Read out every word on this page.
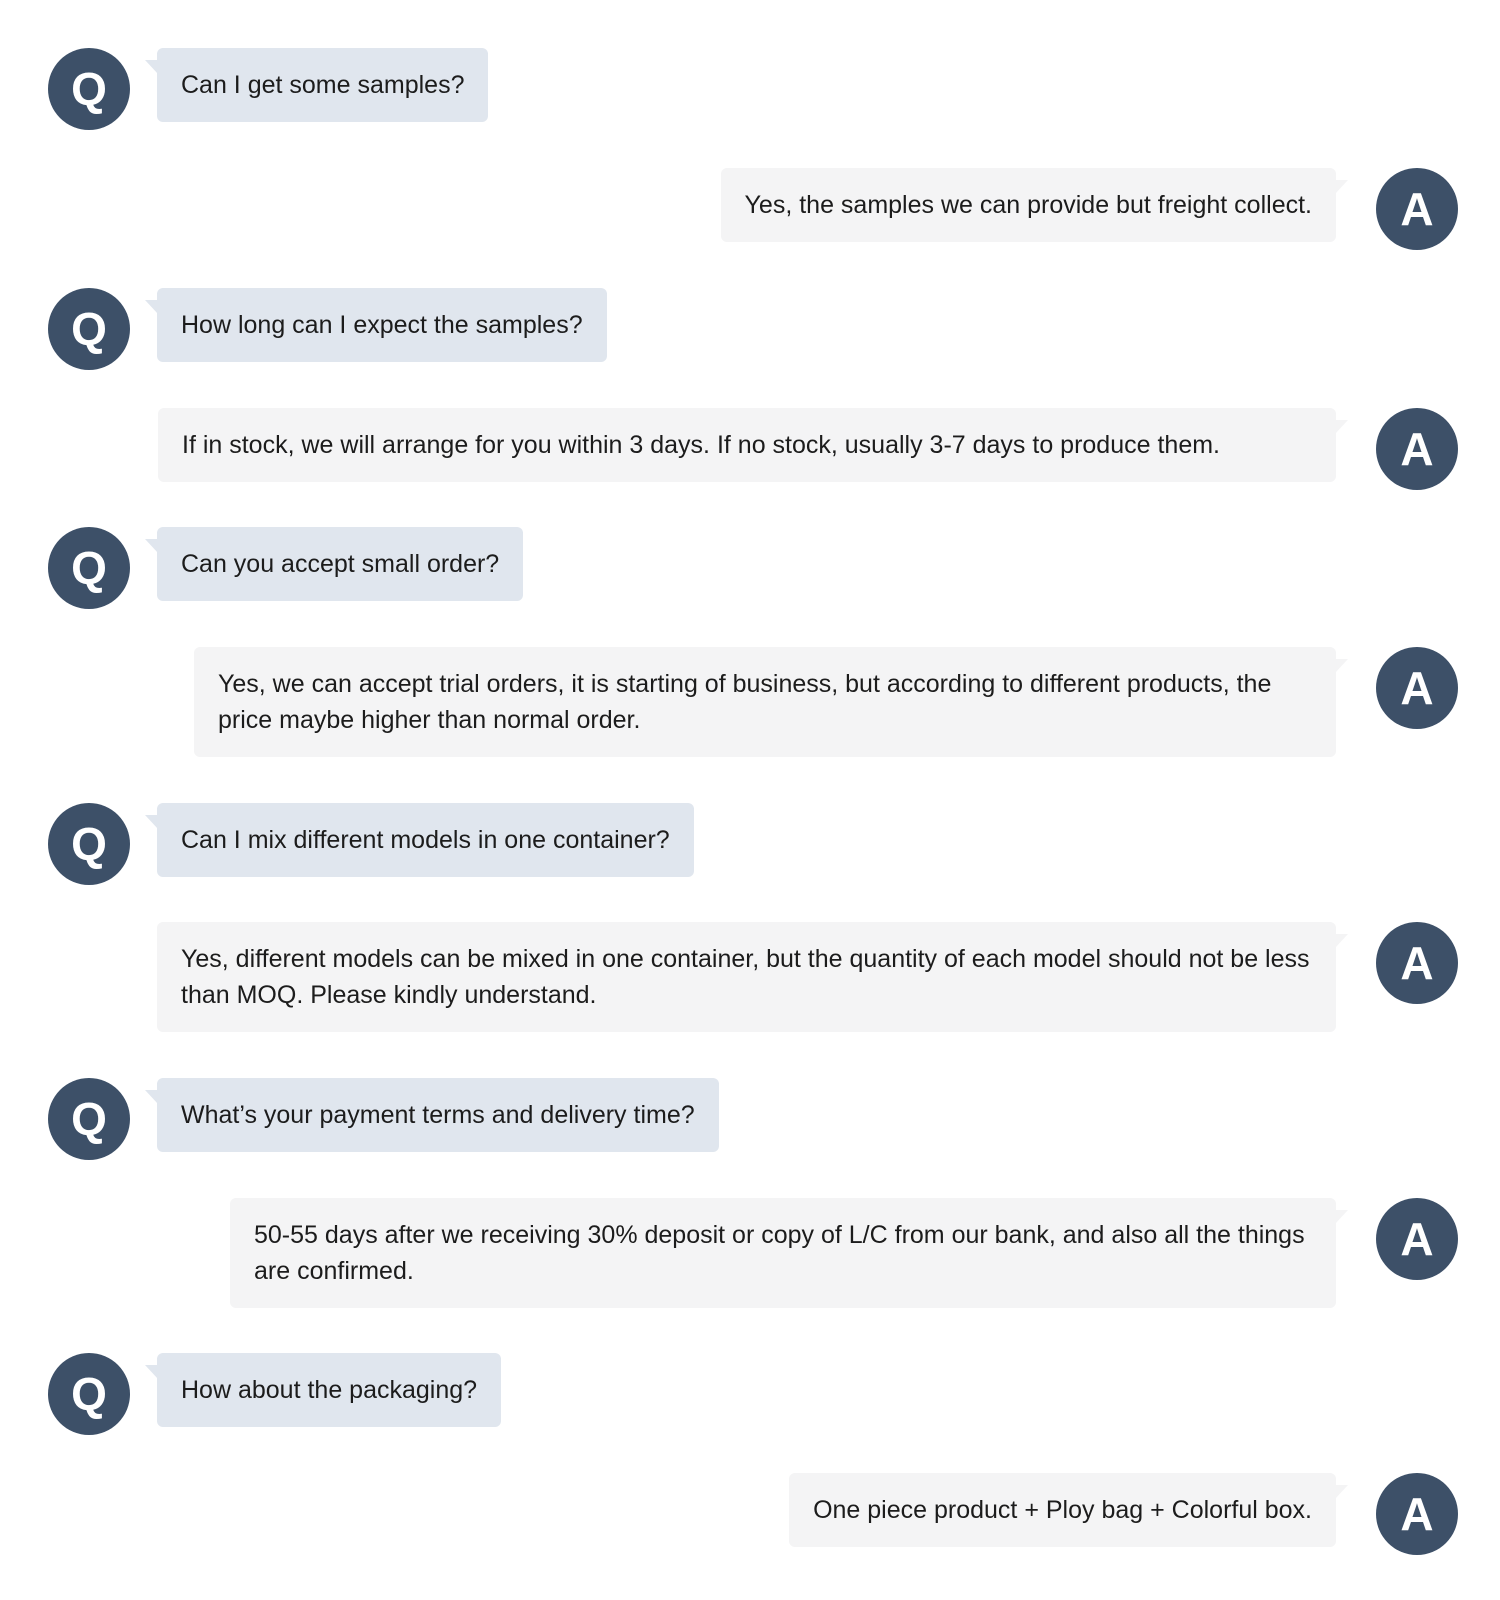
Q	Can I get some samples?
Yes, the samples we can provide but freight collect.	A
Q	How long can I expect the samples?
If in stock, we will arrange for you within 3 days. If no stock, usually 3-7 days to produce them.	A
Q	Can you accept small order?
Yes, we can accept trial orders, it is starting of business, but according to different products, the price maybe higher than normal order.
A
Q	Can I mix different models in one container?
Yes, different models can be mixed in one container, but the quantity of each model should not be less than MOQ. Please kindly understand.
A
Q	What’s your payment terms and delivery time?
50-55 days after we receiving 30% deposit or copy of L/C from our bank, and also all the things are confirmed.
A
Q	How about the packaging?
One piece product + Ploy bag + Colorful box.	A
